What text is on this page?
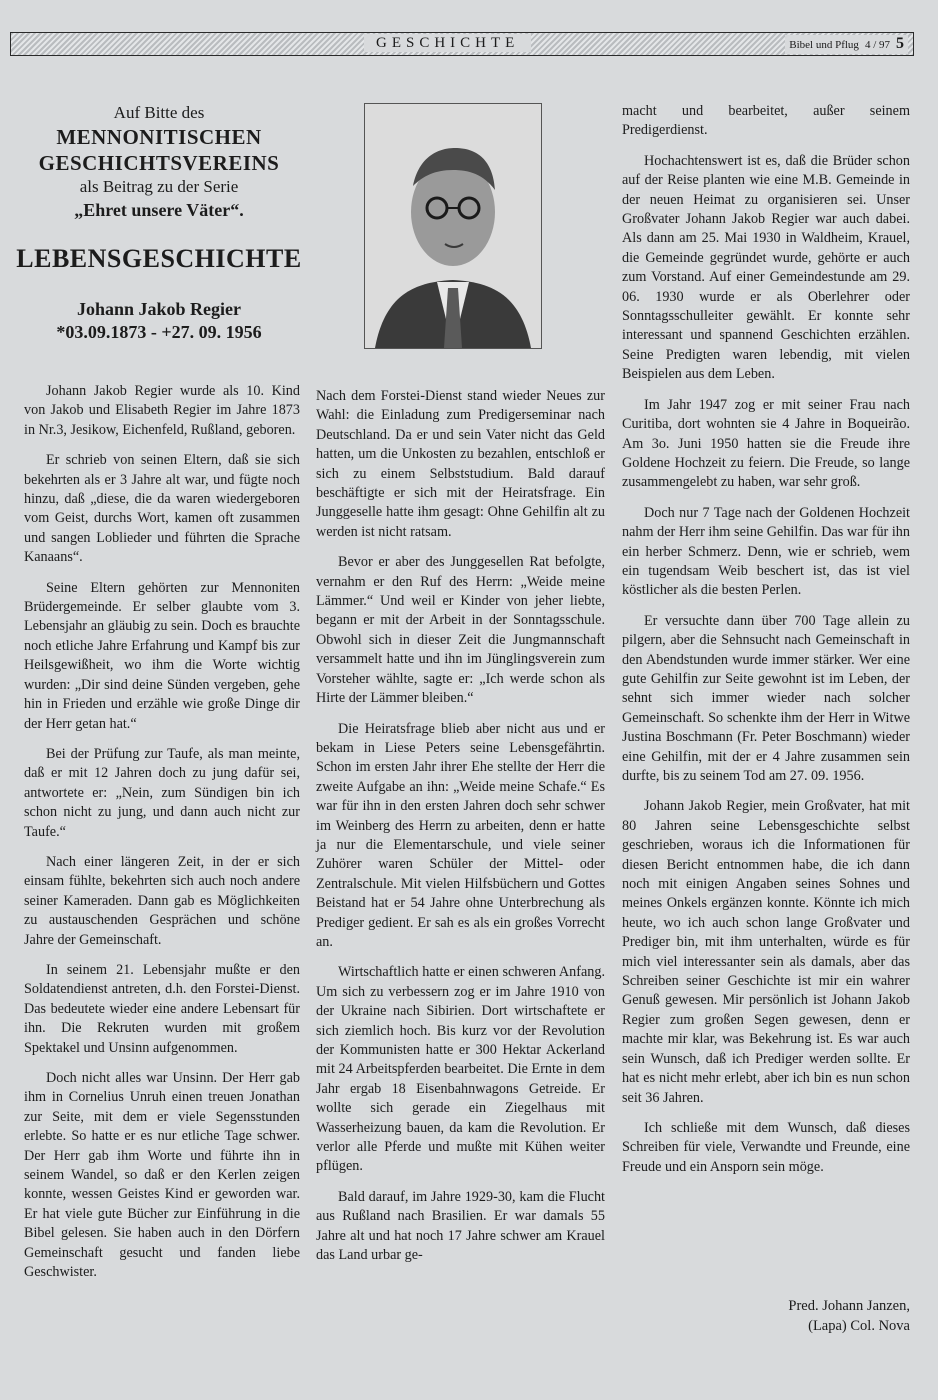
GESCHICHTE	Bibel und Pflug 4 / 97 5
Auf Bitte des
MENNONITISCHEN
GESCHICHTSVEREINS
als Beitrag zu der Serie
„Ehret unsere Väter“.
LEBENSGESCHICHTE
Johann Jakob Regier
*03.09.1873 - +27. 09. 1956

Johann Jakob Regier wurde als 10. Kind von Jakob und Elisabeth Regier im Jahre 1873 in Nr.3, Jesikow, Eichenfeld, Rußland, geboren.

Er schrieb von seinen Eltern, daß sie sich bekehrten als er 3 Jahre alt war, und fügte noch hinzu, daß „diese, die da waren wiedergeboren vom Geist, durchs Wort, kamen oft zusammen und sangen Loblieder und führten die Sprache Kanaans“.

Seine Eltern gehörten zur Mennoniten Brüdergemeinde. Er selber glaubte vom 3. Lebensjahr an gläubig zu sein. Doch es brauchte noch etliche Jahre Erfahrung und Kampf bis zur Heilsgewißheit, wo ihm die Worte wichtig wurden: „Dir sind deine Sünden vergeben, gehe hin in Frieden und erzähle wie große Dinge dir der Herr getan hat.“

Bei der Prüfung zur Taufe, als man meinte, daß er mit 12 Jahren doch zu jung dafür sei, antwortete er: „Nein, zum Sündigen bin ich schon nicht zu jung, und dann auch nicht zur Taufe.“

Nach einer längeren Zeit, in der er sich einsam fühlte, bekehrten sich auch noch andere seiner Kameraden. Dann gab es Möglichkeiten zu austauschenden Gesprächen und schöne Jahre der Gemeinschaft.

In seinem 21. Lebensjahr mußte er den Soldatendienst antreten, d.h. den Forstei-Dienst. Das bedeutete wieder eine andere Lebensart für ihn. Die Rekruten wurden mit großem Spektakel und Unsinn aufgenommen.

Doch nicht alles war Unsinn. Der Herr gab ihm in Cornelius Unruh einen treuen Jonathan zur Seite, mit dem er viele Segensstunden erlebte. So hatte er es nur etliche Tage schwer. Der Herr gab ihm Worte und führte ihn in seinem Wandel, so daß er den Kerlen zeigen konnte, wessen Geistes Kind er geworden war. Er hat viele gute Bücher zur Einführung in die Bibel gelesen. Sie haben auch in den Dörfern Gemeinschaft gesucht und fanden liebe Geschwister.

Nach dem Forstei-Dienst stand wieder Neues zur Wahl: die Einladung zum Predigerseminar nach Deutschland. Da er und sein Vater nicht das Geld hatten, um die Unkosten zu bezahlen, entschloß er sich zu einem Selbststudium. Bald darauf beschäftigte er sich mit der Heiratsfrage. Ein Junggeselle hatte ihm gesagt: Ohne Gehilfin alt zu werden ist nicht ratsam.

Bevor er aber des Junggesellen Rat befolgte, vernahm er den Ruf des Herrn: „Weide meine Lämmer.“ Und weil er Kinder von jeher liebte, begann er mit der Arbeit in der Sonntagsschule. Obwohl sich in dieser Zeit die Jungmannschaft versammelt hatte und ihn im Jünglingsverein zum Vorsteher wählte, sagte er: „Ich werde schon als Hirte der Lämmer bleiben.“

Die Heiratsfrage blieb aber nicht aus und er bekam in Liese Peters seine Lebensgefährtin. Schon im ersten Jahr ihrer Ehe stellte der Herr die zweite Aufgabe an ihn: „Weide meine Schafe.“ Es war für ihn in den ersten Jahren doch sehr schwer im Weinberg des Herrn zu arbeiten, denn er hatte ja nur die Elementarschule, und viele seiner Zuhörer waren Schüler der Mittel- oder Zentralschule. Mit vielen Hilfsbüchern und Gottes Beistand hat er 54 Jahre ohne Unterbrechung als Prediger gedient. Er sah es als ein großes Vorrecht an.

Wirtschaftlich hatte er einen schweren Anfang. Um sich zu verbessern zog er im Jahre 1910 von der Ukraine nach Sibirien. Dort wirtschaftete er sich ziemlich hoch. Bis kurz vor der Revolution der Kommunisten hatte er 300 Hektar Ackerland mit 24 Arbeitspferden bearbeitet. Die Ernte in dem Jahr ergab 18 Eisenbahnwagons Getreide. Er wollte sich gerade ein Ziegelhaus mit Wasserheizung bauen, da kam die Revolution. Er verlor alle Pferde und mußte mit Kühen weiter pflügen.

Bald darauf, im Jahre 1929-30, kam die Flucht aus Rußland nach Brasilien. Er war damals 55 Jahre alt und hat noch 17 Jahre schwer am Krauel das Land urbar ge-

macht und bearbeitet, außer seinem Predigerdienst.

Hochachtenswert ist es, daß die Brüder schon auf der Reise planten wie eine M.B. Gemeinde in der neuen Heimat zu organisieren sei. Unser Großvater Johann Jakob Regier war auch dabei. Als dann am 25. Mai 1930 in Waldheim, Krauel, die Gemeinde gegründet wurde, gehörte er auch zum Vorstand. Auf einer Gemeindestunde am 29. 06. 1930 wurde er als Oberlehrer oder Sonntagsschulleiter gewählt. Er konnte sehr interessant und spannend Geschichten erzählen. Seine Predigten waren lebendig, mit vielen Beispielen aus dem Leben.

Im Jahr 1947 zog er mit seiner Frau nach Curitiba, dort wohnten sie 4 Jahre in Boqueirão. Am 3o. Juni 1950 hatten sie die Freude ihre Goldene Hochzeit zu feiern. Die Freude, so lange zusammengelebt zu haben, war sehr groß.

Doch nur 7 Tage nach der Goldenen Hochzeit nahm der Herr ihm seine Gehilfin. Das war für ihn ein herber Schmerz. Denn, wie er schrieb, wem ein tugendsam Weib beschert ist, das ist viel köstlicher als die besten Perlen.

Er versuchte dann über 700 Tage allein zu pilgern, aber die Sehnsucht nach Gemeinschaft in den Abendstunden wurde immer stärker. Wer eine gute Gehilfin zur Seite gewohnt ist im Leben, der sehnt sich immer wieder nach solcher Gemeinschaft. So schenkte ihm der Herr in Witwe Justina Boschmann (Fr. Peter Boschmann) wieder eine Gehilfin, mit der er 4 Jahre zusammen sein durfte, bis zu seinem Tod am 27. 09. 1956.

Johann Jakob Regier, mein Großvater, hat mit 80 Jahren seine Lebensgeschichte selbst geschrieben, woraus ich die Informationen für diesen Bericht entnommen habe, die ich dann noch mit einigen Angaben seines Sohnes und meines Onkels ergänzen konnte. Könnte ich mich heute, wo ich auch schon lange Großvater und Prediger bin, mit ihm unterhalten, würde es für mich viel interessanter sein als damals, aber das Schreiben seiner Geschichte ist mir ein wahrer Genuß gewesen. Mir persönlich ist Johann Jakob Regier zum großen Segen gewesen, denn er machte mir klar, was Bekehrung ist. Es war auch sein Wunsch, daß ich Prediger werden sollte. Er hat es nicht mehr erlebt, aber ich bin es nun schon seit 36 Jahren.

Ich schließe mit dem Wunsch, daß dieses Schreiben für viele, Verwandte und Freunde, eine Freude und ein Ansporn sein möge.

Pred. Johann Janzen,
(Lapa) Col. Nova
